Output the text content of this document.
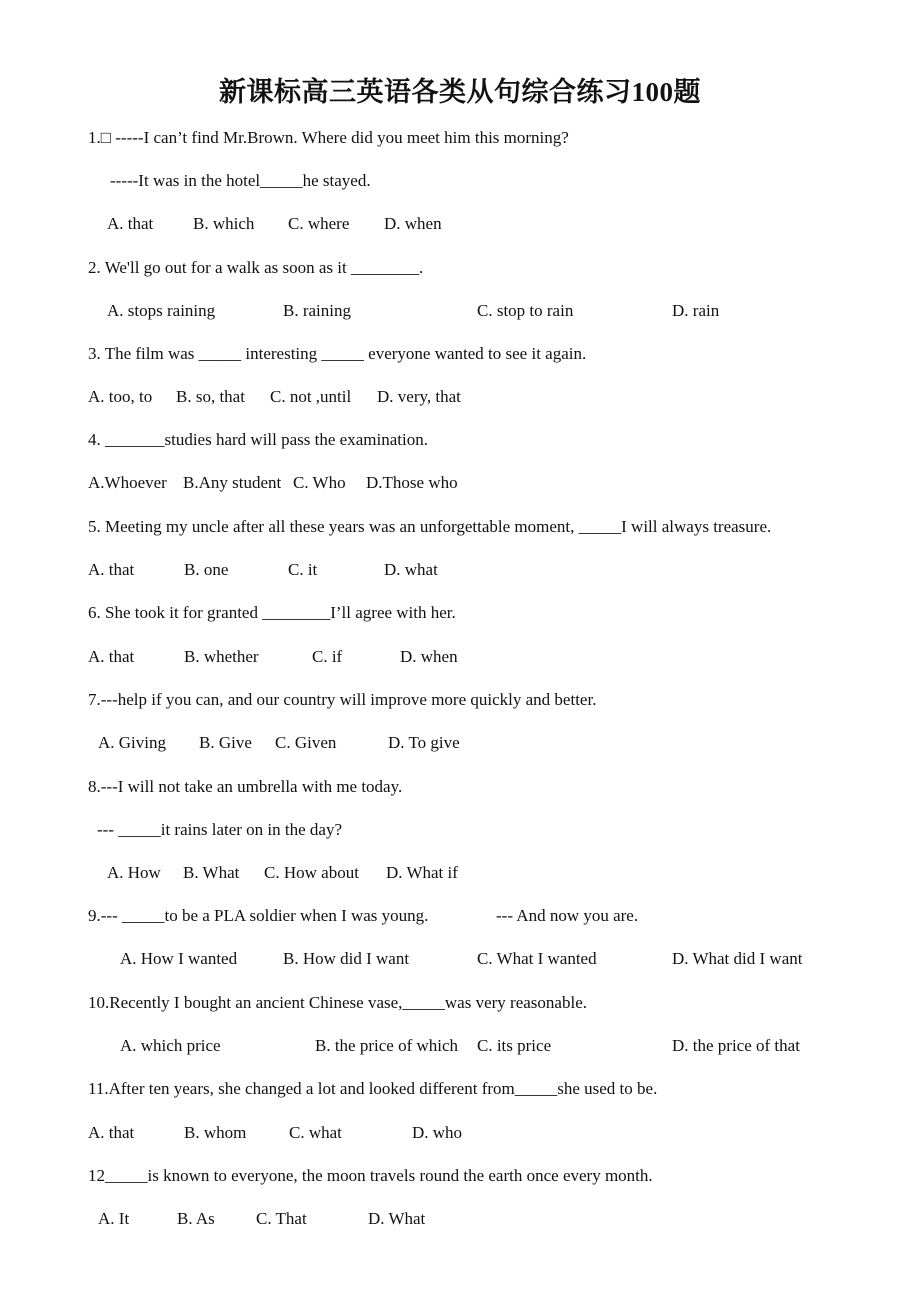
新课标高三英语各类从句综合练习100题
1.□ -----I can’t find Mr.Brown. Where did you meet him this morning?
-----It was in the hotel_____he stayed.
A. that B. which C. where D. when
2. We'll go out for a walk as soon as it ________.
A. stops raining	B. raining	C. stop to rain	D. rain
3. The film was _____ interesting _____ everyone wanted to see it again.
A. too, to B. so, that C. not ,until D. very, that
4. _______studies hard will pass the examination.
A.Whoever B.Any student C. Who D.Those who
5. Meeting my uncle after all these years was an unforgettable moment, _____I will always treasure.
A. that	B. one	C. it	D. what
6. She took it for granted ________I’ll agree with her.
A. that	B. whether	C. if	D. when
7.---help if you can, and our country will improve more quickly and better.
A. Giving B. Give C. Given	D. To give
8.---I will not take an umbrella with me today.
--- _____it rains later on in the day?
A. How B. What C. How about D. What if
9.--- _____to be a PLA soldier when I was young.	--- And now you are.
A. How I wanted	B. How did I want	C. What I wanted	D. What did I want
10.Recently I bought an ancient Chinese vase,_____was very reasonable.
A. which price	B. the price of which C. its price	D. the price of that
11.After ten years, she changed a lot and looked different from_____she used to be.
A. that	B. whom	C. what	D. who
12_____is known to everyone, the moon travels round the earth once every month.
A. It	B. As C. That	D. What
